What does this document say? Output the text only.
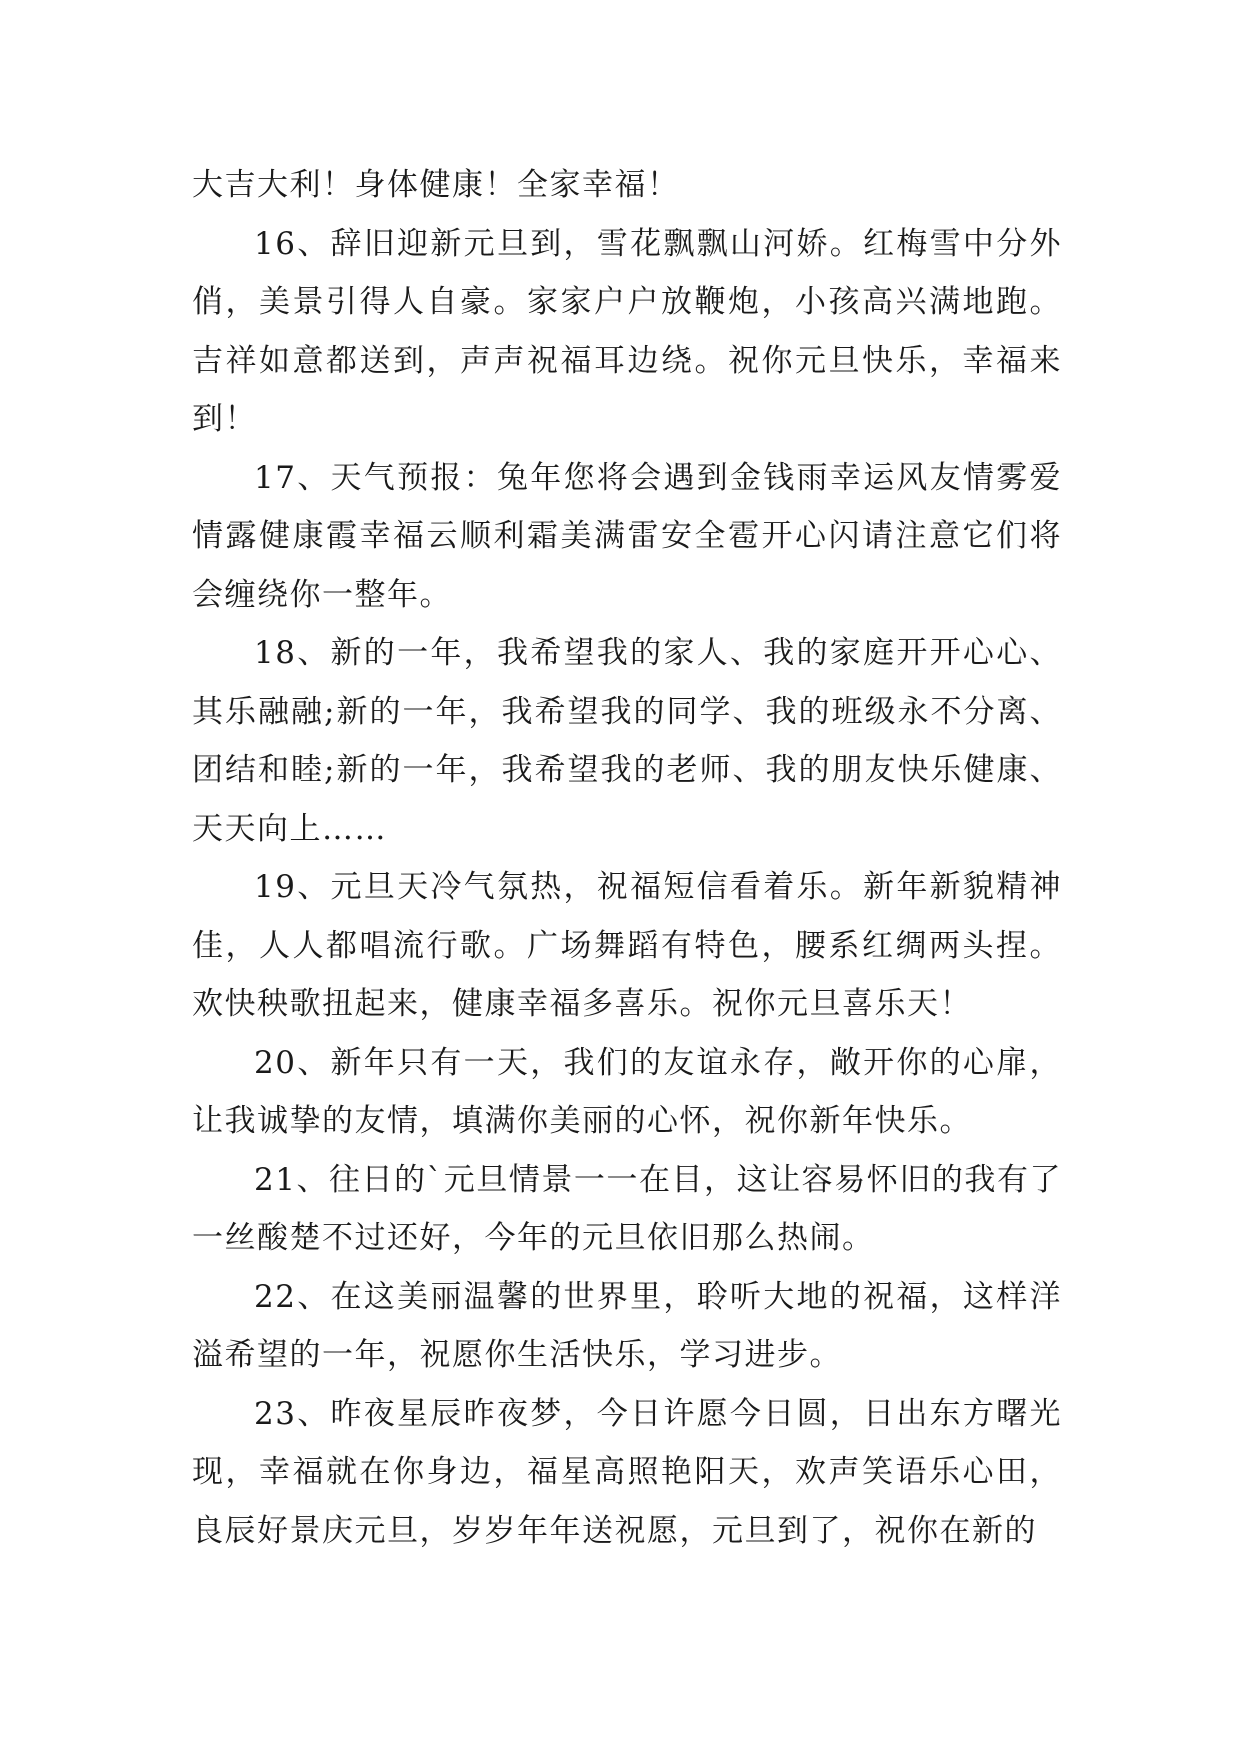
大吉大利！身体健康！全家幸福！

16、辞旧迎新元旦到，雪花飘飘山河娇。红梅雪中分外俏，美景引得人自豪。家家户户放鞭炮，小孩高兴满地跑。吉祥如意都送到，声声祝福耳边绕。祝你元旦快乐，幸福来到！

17、天气预报：兔年您将会遇到金钱雨幸运风友情雾爱情露健康霞幸福云顺利霜美满雷安全雹开心闪请注意它们将会缠绕你一整年。

18、新的一年，我希望我的家人、我的家庭开开心心、其乐融融;新的一年，我希望我的同学、我的班级永不分离、团结和睦;新的一年，我希望我的老师、我的朋友快乐健康、天天向上……

19、元旦天冷气氛热，祝福短信看着乐。新年新貌精神佳，人人都唱流行歌。广场舞蹈有特色，腰系红绸两头捏。欢快秧歌扭起来，健康幸福多喜乐。祝你元旦喜乐天！

20、新年只有一天，我们的友谊永存，敞开你的心扉，让我诚挚的友情，填满你美丽的心怀，祝你新年快乐。

21、往日的`元旦情景一一在目，这让容易怀旧的我有了一丝酸楚不过还好，今年的元旦依旧那么热闹。

22、在这美丽温馨的世界里，聆听大地的祝福，这样洋溢希望的一年，祝愿你生活快乐，学习进步。

23、昨夜星辰昨夜梦，今日许愿今日圆，日出东方曙光现，幸福就在你身边，福星高照艳阳天，欢声笑语乐心田，良辰好景庆元旦，岁岁年年送祝愿，元旦到了，祝你在新的
